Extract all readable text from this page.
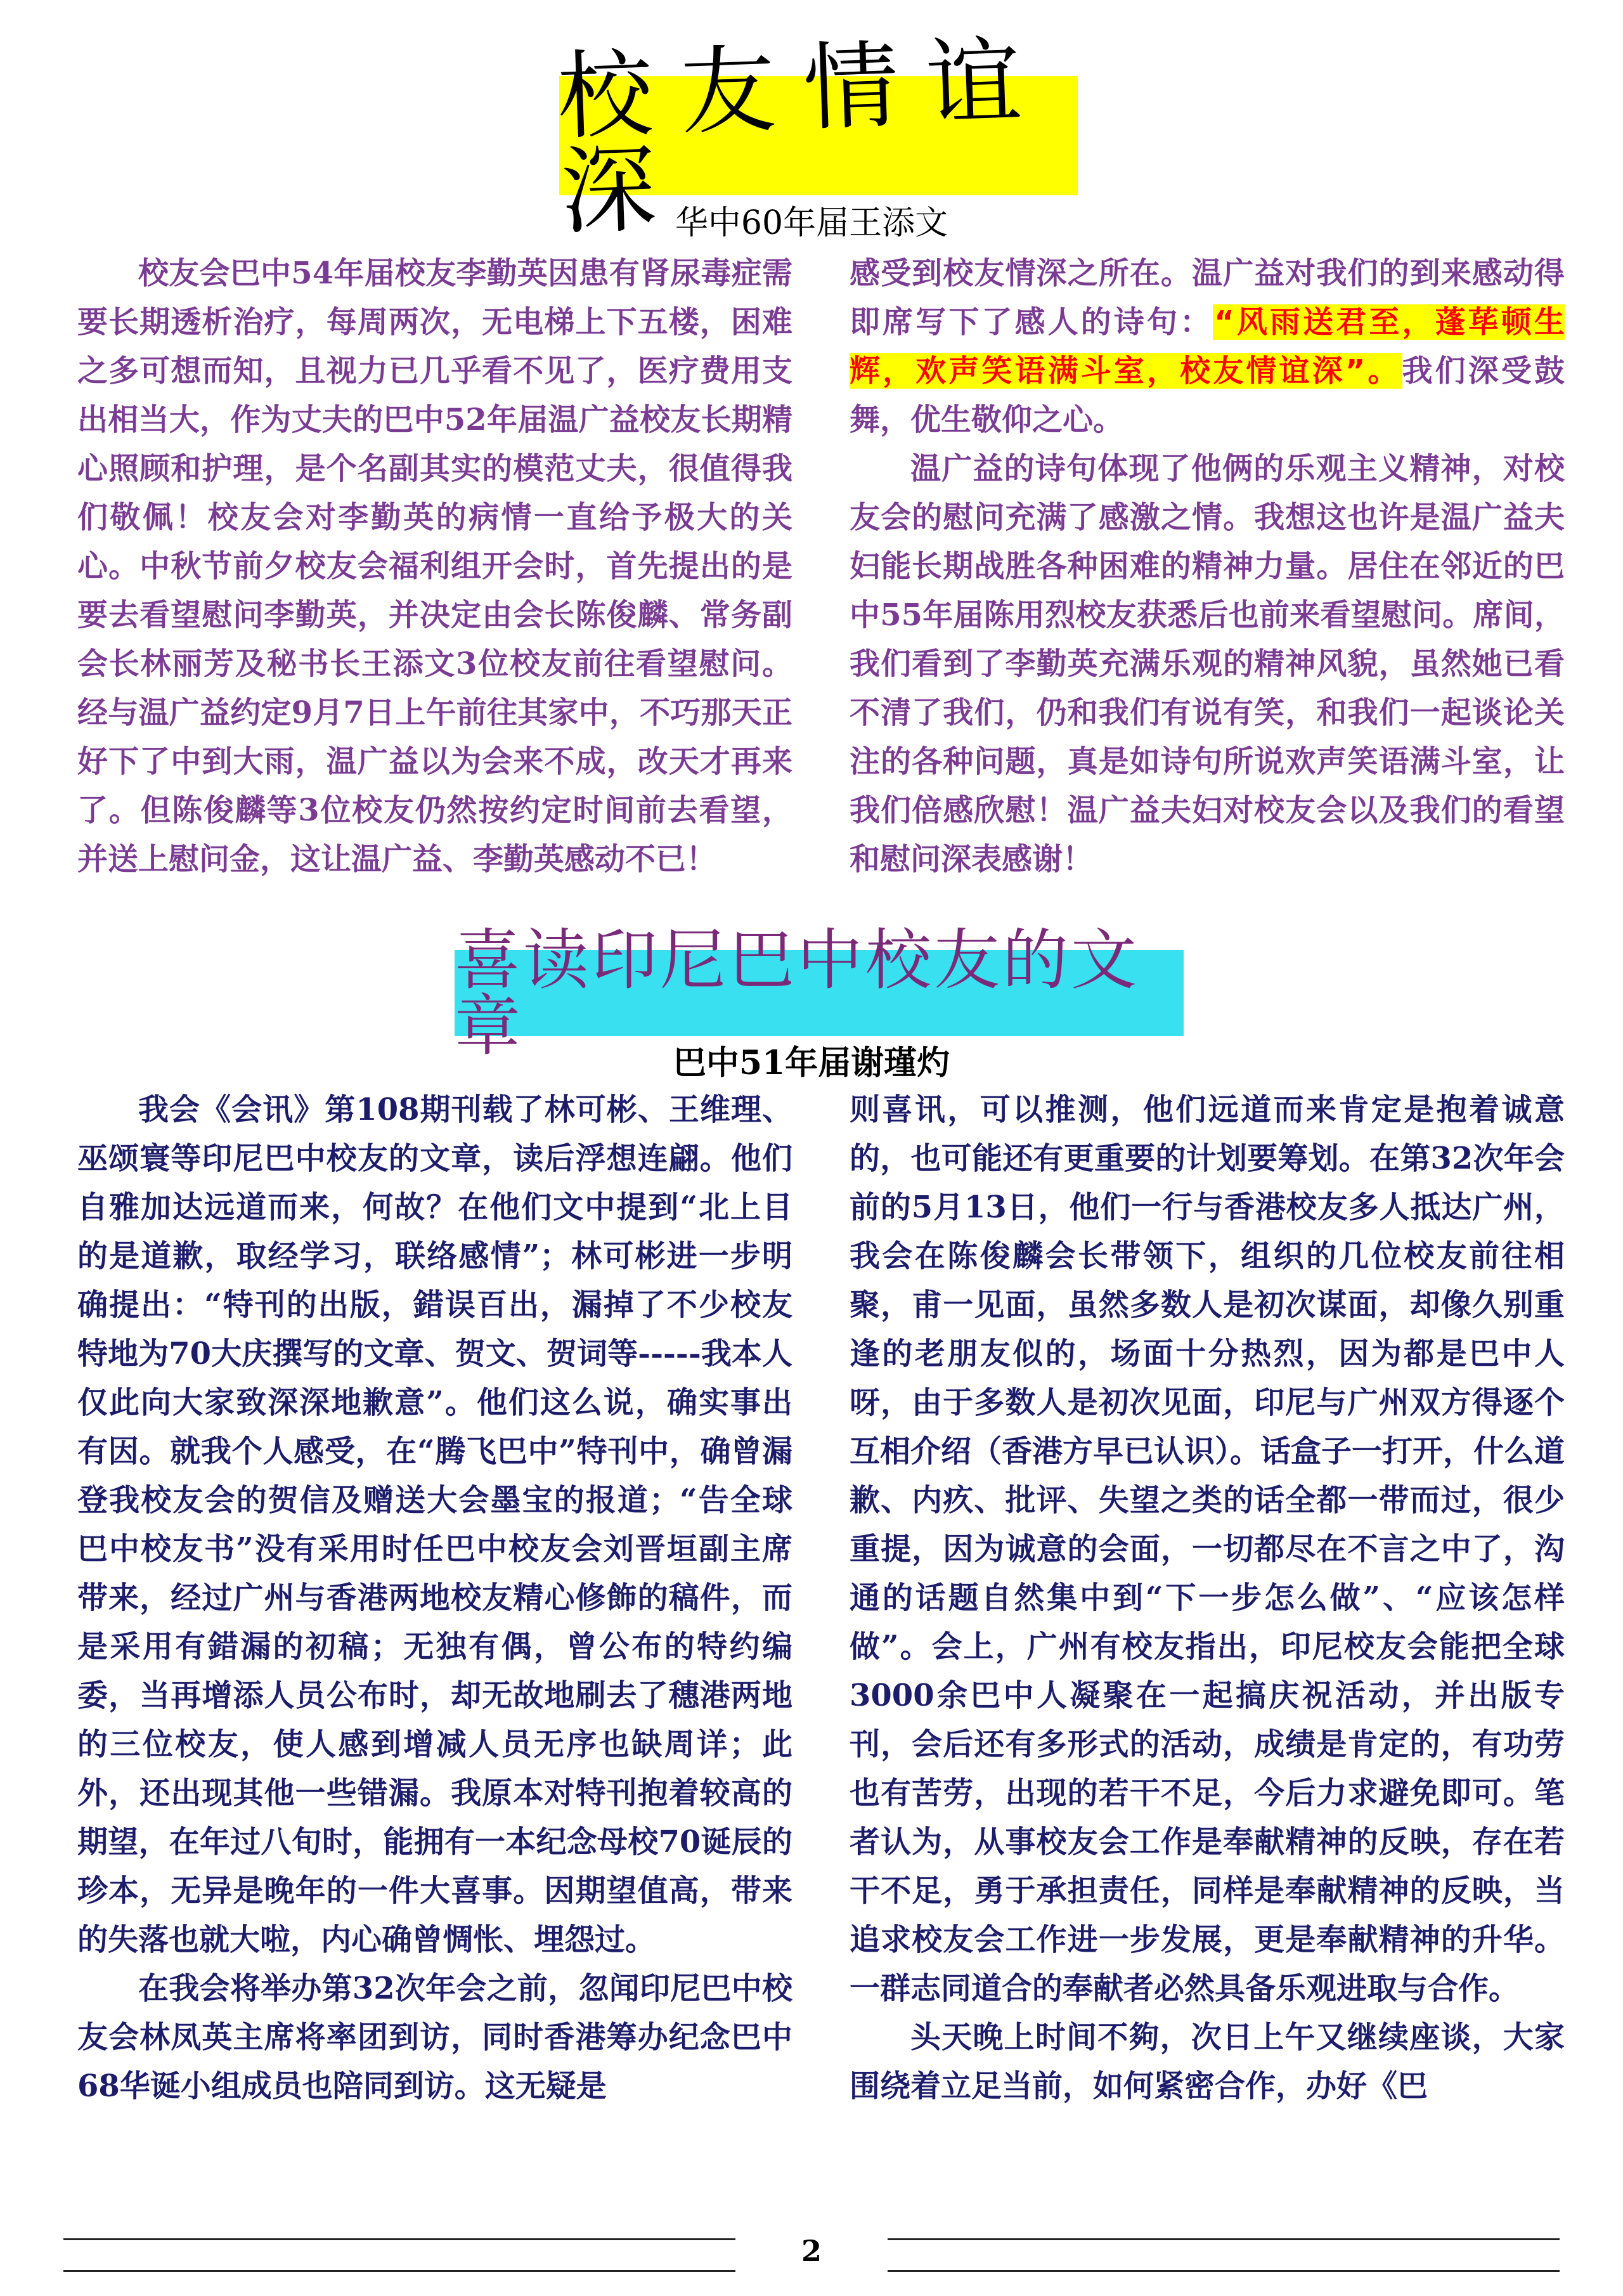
校友情谊深
华中60年届王添文

校友会巴中54年届校友李勤英因患有肾尿毒症需要长期透析治疗，每周两次，无电梯上下五楼，困难之多可想而知，且视力已几乎看不见了，医疗费用支出相当大，作为丈夫的巴中52年届温广益校友长期精心照顾和护理，是个名副其实的模范丈夫，很值得我们敬佩！校友会对李勤英的病情一直给予极大的关心。中秋节前夕校友会福利组开会时，首先提出的是要去看望慰问李勤英，并决定由会长陈俊麟、常务副会长林丽芳及秘书长王添文3位校友前往看望慰问。经与温广益约定9月7日上午前往其家中，不巧那天正好下了中到大雨，温广益以为会来不成，改天才再来了。但陈俊麟等3位校友仍然按约定时间前去看望，并送上慰问金，这让温广益、李勤英感动不已！

感受到校友情深之所在。温广益对我们的到来感动得即席写下了感人的诗句：“风雨送君至，蓬荜顿生辉，欢声笑语满斗室，校友情谊深”。我们深受鼓舞，优生敬仰之心。

温广益的诗句体现了他俩的乐观主义精神，对校友会的慰问充满了感激之情。我想这也许是温广益夫妇能长期战胜各种困难的精神力量。居住在邻近的巴中55年届陈用烈校友获悉后也前来看望慰问。席间，我们看到了李勤英充满乐观的精神风貌，虽然她已看不清了我们，仍和我们有说有笑，和我们一起谈论关注的各种问题，真是如诗句所说欢声笑语满斗室，让我们倍感欣慰！温广益夫妇对校友会以及我们的看望和慰问深表感谢！

喜读印尼巴中校友的文章	巴中51年届谢瑾灼

我会《会讯》第108期刊载了林可彬、王维理、巫颂寰等印尼巴中校友的文章，读后浮想连翩。他们自雅加达远道而来，何故？在他们文中提到“北上目的是道歉，取经学习，联络感情”；林可彬进一步明确提出：“特刊的出版，錯误百出，漏掉了不少校友特地为70大庆撰写的文章、贺文、贺词等-----我本人仅此向大家致深深地歉意”。他们这么说，确实事出有因。就我个人感受，在“腾飞巴中”特刊中，确曾漏登我校友会的贺信及赠送大会墨宝的报道；“告全球巴中校友书”没有采用时任巴中校友会刘晋垣副主席带来，经过广州与香港两地校友精心修飾的稿件，而是采用有錯漏的初稿；无独有偶，曾公布的特约编委，当再增添人员公布时，却无故地刷去了穗港两地的三位校友，使人感到增减人员无序也缺周详；此外，还出现其他一些错漏。我原本对特刊抱着较高的期望，在年过八旬时，能拥有一本纪念母校70诞辰的珍本，无异是晚年的一件大喜事。因期望值高，带来的失落也就大啦，内心确曾惆怅、埋怨过。

在我会将举办第32次年会之前，忽闻印尼巴中校友会林凤英主席将率团到访，同时香港筹办纪念巴中68华诞小组成员也陪同到访。这无疑是

则喜讯，可以推测，他们远道而来肯定是抱着诚意的，也可能还有更重要的计划要筹划。在第32次年会前的5月13日，他们一行与香港校友多人抵达广州，我会在陈俊麟会长带领下，组织的几位校友前往相聚，甫一见面，虽然多数人是初次谋面，却像久别重逢的老朋友似的，场面十分热烈，因为都是巴中人呀，由于多数人是初次见面，印尼与广州双方得逐个互相介绍（香港方早已认识）。话盒子一打开，什么道歉、内疚、批评、失望之类的话全都一带而过，很少重提，因为诚意的会面，一切都尽在不言之中了，沟通的话题自然集中到“下一步怎么做”、“应该怎样做”。会上，广州有校友指出，印尼校友会能把全球3000余巴中人凝聚在一起搞庆祝活动，并出版专刊，会后还有多形式的活动，成绩是肯定的，有功劳也有苦劳，出现的若干不足，今后力求避免即可。笔者认为，从事校友会工作是奉献精神的反映，存在若干不足，勇于承担责任，同样是奉献精神的反映，当追求校友会工作进一步发展，更是奉献精神的升华。一群志同道合的奉献者必然具备乐观进取与合作。

头天晚上时间不夠，次日上午又继续座谈，大家围绕着立足当前，如何紧密合作，办好《巴

2
